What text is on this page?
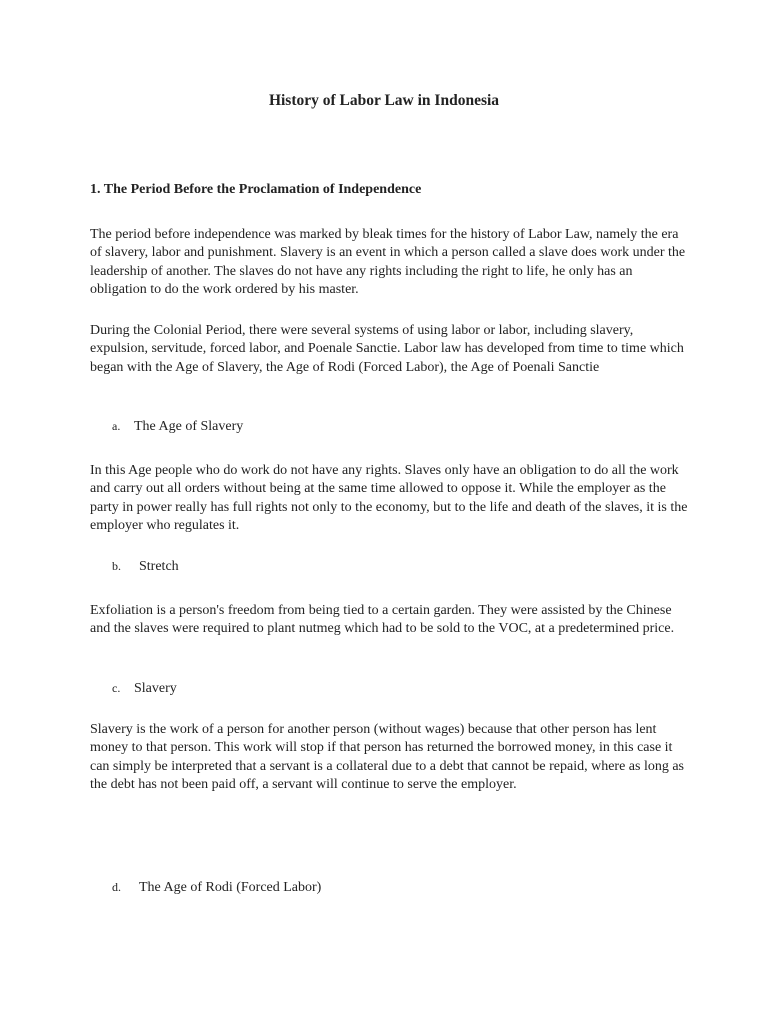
History of Labor Law in Indonesia
1. The Period Before the Proclamation of Independence

The period before independence was marked by bleak times for the history of Labor Law, namely the era of slavery, labor and punishment. Slavery is an event in which a person called a slave does work under the leadership of another. The slaves do not have any rights including the right to life, he only has an obligation to do the work ordered by his master.

During the Colonial Period, there were several systems of using labor or labor, including slavery, expulsion, servitude, forced labor, and Poenale Sanctie. Labor law has developed from time to time which began with the Age of Slavery, the Age of Rodi (Forced Labor), the Age of Poenali Sanctie

a. The Age of Slavery

In this Age people who do work do not have any rights. Slaves only have an obligation to do all the work and carry out all orders without being at the same time allowed to oppose it. While the employer as the party in power really has full rights not only to the economy, but to the life and death of the slaves, it is the employer who regulates it.

b. Stretch

Exfoliation is a person's freedom from being tied to a certain garden. They were assisted by the Chinese and the slaves were required to plant nutmeg which had to be sold to the VOC, at a predetermined price.

c. Slavery

Slavery is the work of a person for another person (without wages) because that other person has lent money to that person. This work will stop if that person has returned the borrowed money, in this case it can simply be interpreted that a servant is a collateral due to a debt that cannot be repaid, where as long as the debt has not been paid off, a servant will continue to serve the employer.

d. The Age of Rodi (Forced Labor)
